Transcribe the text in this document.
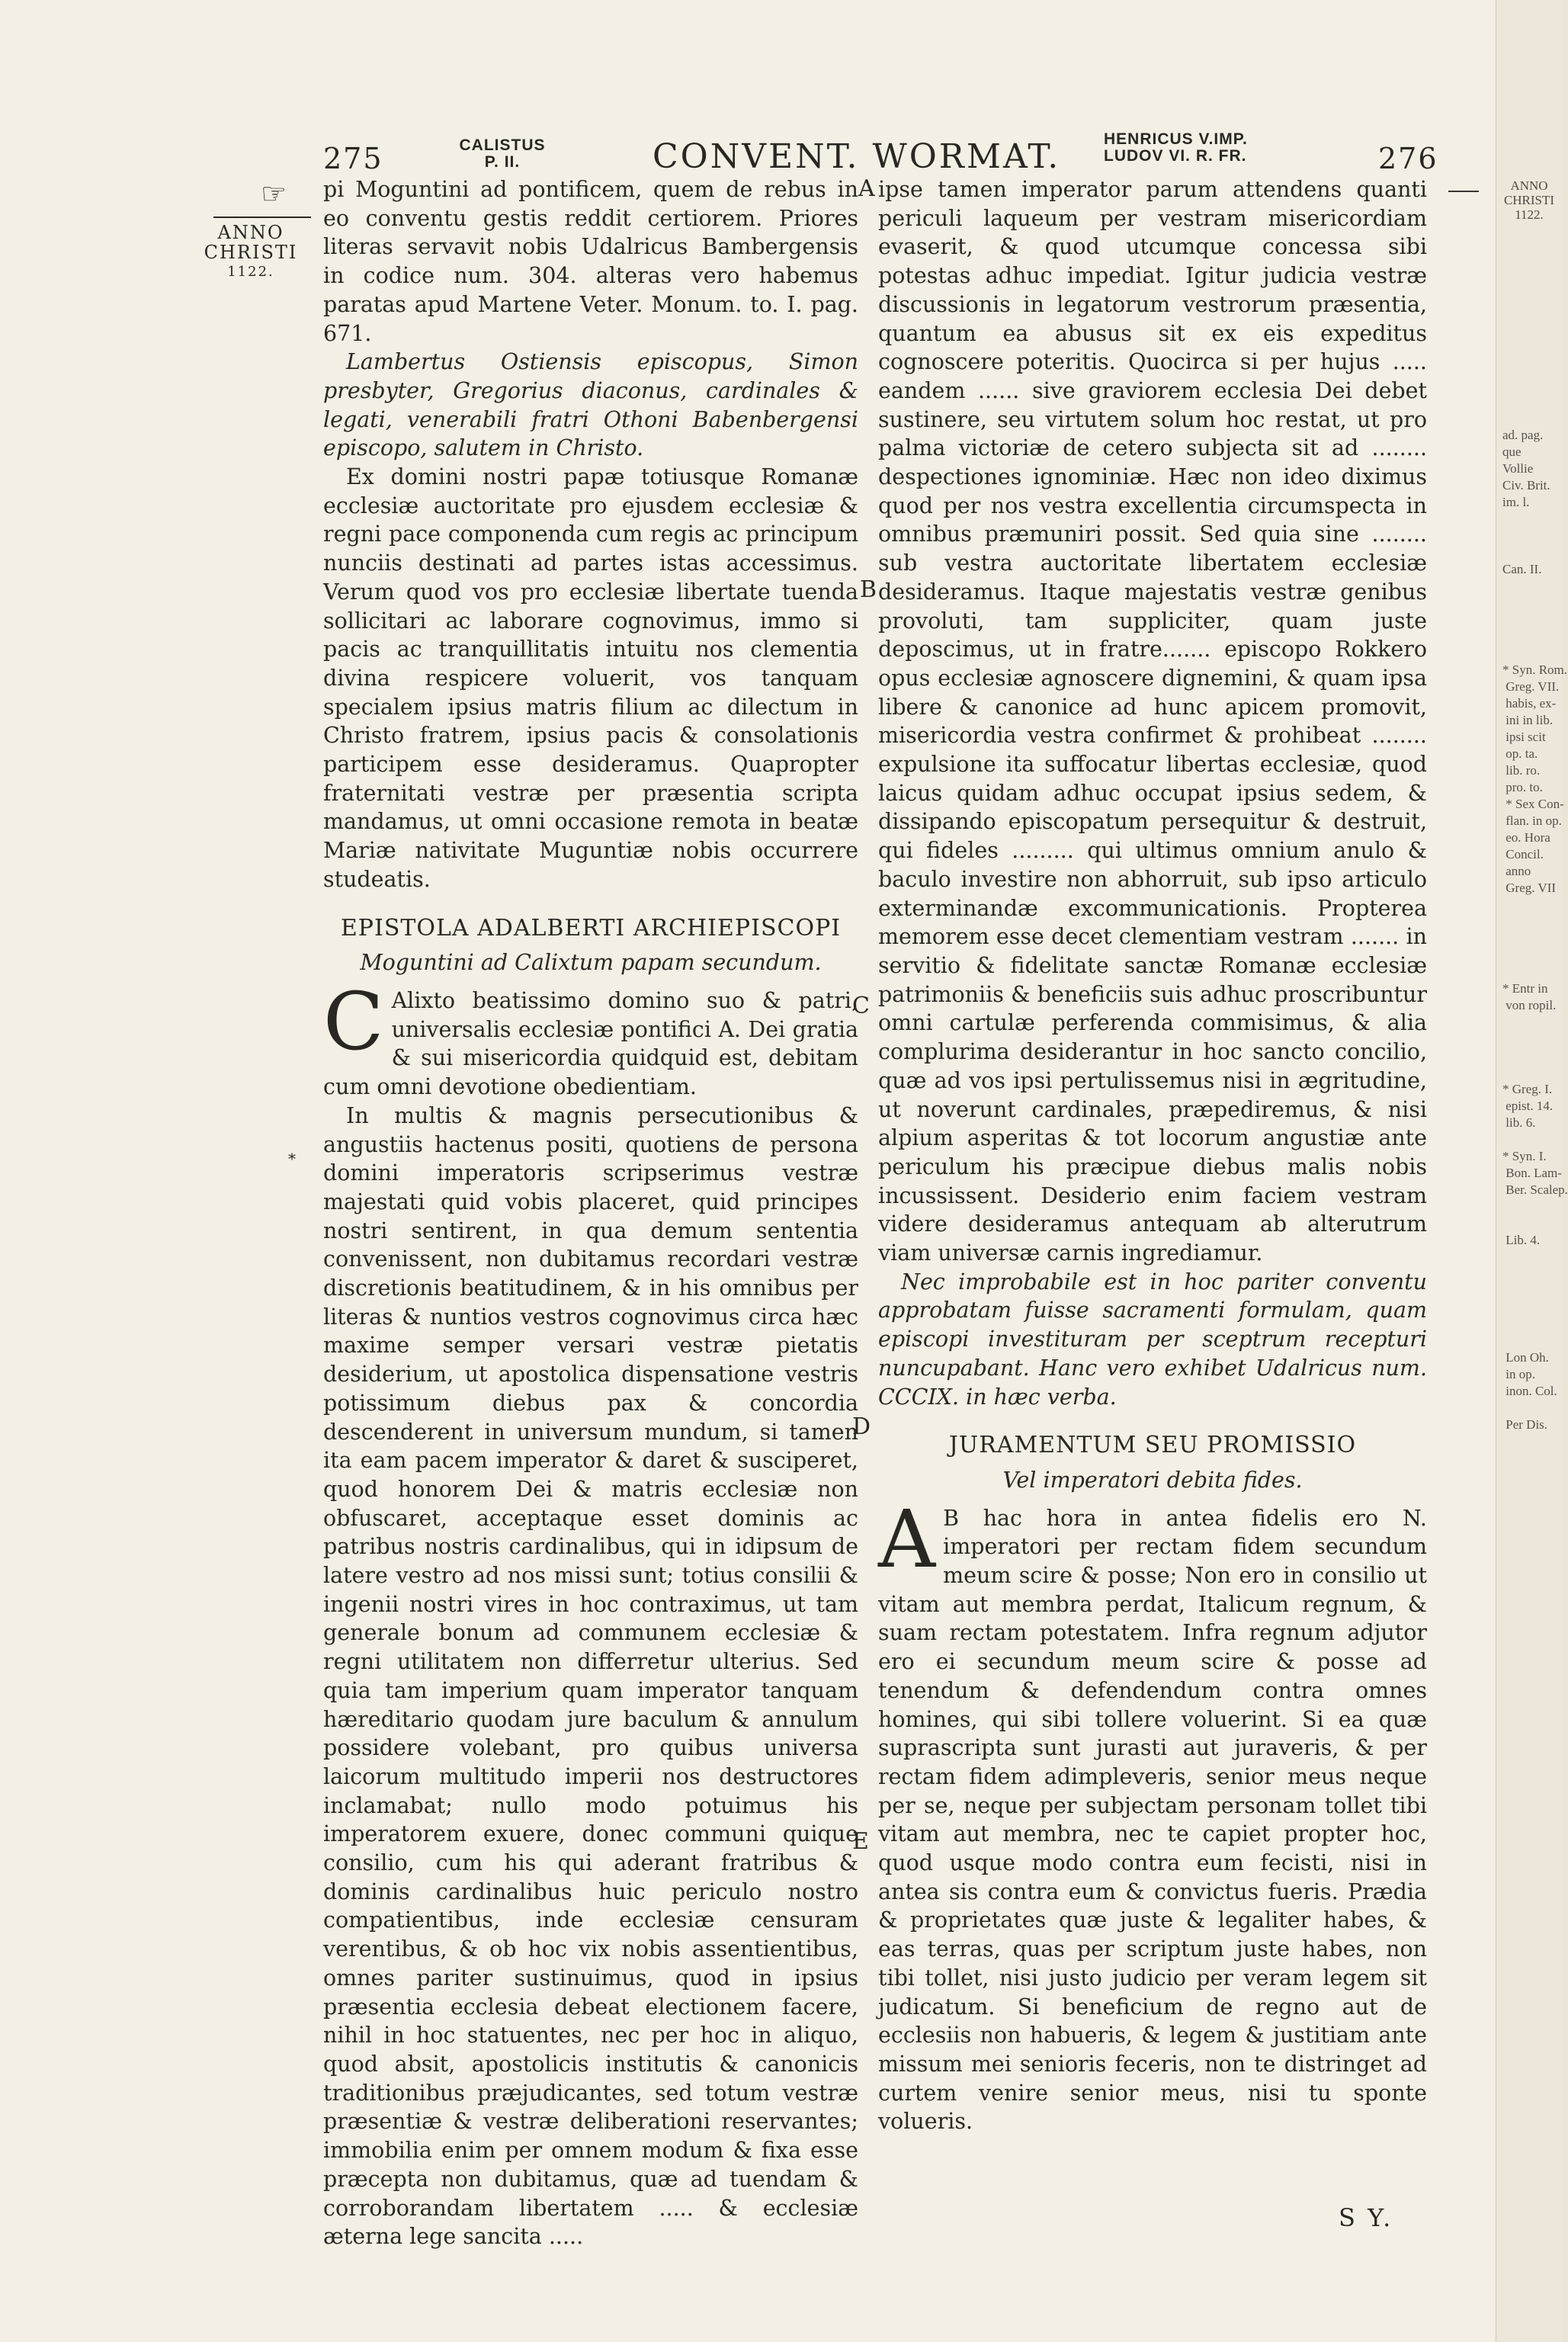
275	CALISTUS
P. II.	CONVENT. WORMAT.	HENRICUS V.IMP.
LUDOV VI. R. FR.	276
☞
ANNO
CHRISTI
1122.
A
B
C
D
E
*

pi Moguntini ad pontificem, quem de rebus in eo conventu gestis reddit certiorem. Priores literas servavit nobis Udalricus Bambergensis in codice num. 304. alteras vero habemus paratas apud Martene Veter. Monum. to. I. pag. 671.

Lambertus Ostiensis episcopus, Simon presbyter, Gregorius diaconus, cardinales & legati, venerabili fratri Othoni Babenbergensi episcopo, salutem in Christo.

Ex domini nostri papæ totiusque Romanæ ecclesiæ auctoritate pro ejusdem ecclesiæ & regni pace componenda cum regis ac principum nunciis destinati ad partes istas accessimus. Verum quod vos pro ecclesiæ libertate tuenda sollicitari ac laborare cognovimus, immo si pacis ac tranquillitatis intuitu nos clementia divina respicere voluerit, vos tanquam specialem ipsius matris filium ac dilectum in Christo fratrem, ipsius pacis & consolationis participem esse desideramus. Quapropter fraternitati vestræ per præsentia scripta mandamus, ut omni occasione remota in beatæ Mariæ nativitate Muguntiæ nobis occurrere studeatis.

EPISTOLA ADALBERTI ARCHIEPISCOPI

Moguntini ad Calixtum papam secundum.

C Alixto beatissimo domino suo & patri, universalis ecclesiæ pontifici A. Dei gratia & sui misericordia quidquid est, debitam cum omni devotione obedientiam.

In multis & magnis persecutionibus & angustiis hactenus positi, quotiens de persona domini imperatoris scripserimus vestræ majestati quid vobis placeret, quid principes nostri sentirent, in qua demum sententia convenissent, non dubitamus recordari vestræ discretionis beatitudinem, & in his omnibus per literas & nuntios vestros cognovimus circa hæc maxime semper versari vestræ pietatis desiderium, ut apostolica dispensatione vestris potissimum diebus pax & concordia descenderent in universum mundum, si tamen ita eam pacem imperator & daret & susciperet, quod honorem Dei & matris ecclesiæ non obfuscaret, acceptaque esset dominis ac patribus nostris cardinalibus, qui in idipsum de latere vestro ad nos missi sunt; totius consilii & ingenii nostri vires in hoc contraximus, ut tam generale bonum ad communem ecclesiæ & regni utilitatem non differretur ulterius. Sed quia tam imperium quam imperator tanquam hæreditario quodam jure baculum & annulum possidere volebant, pro quibus universa laicorum multitudo imperii nos destructores inclamabat; nullo modo potuimus his imperatorem exuere, donec communi quique consilio, cum his qui aderant fratribus & dominis cardinalibus huic periculo nostro compatientibus, inde ecclesiæ censuram verentibus, & ob hoc vix nobis assentientibus, omnes pariter sustinuimus, quod in ipsius præsentia ecclesia debeat electionem facere, nihil in hoc statuentes, nec per hoc in aliquo, quod absit, apostolicis institutis & canonicis traditionibus præjudicantes, sed totum vestræ præsentiæ & vestræ deliberationi reservantes; immobilia enim per omnem modum & fixa esse præcepta non dubitamus, quæ ad tuendam & corroborandam libertatem ..... & ecclesiæ æterna lege sancita .....

ipse tamen imperator parum attendens quanti periculi laqueum per vestram misericordiam evaserit, & quod utcumque concessa sibi potestas adhuc impediat. Igitur judicia vestræ discussionis in legatorum vestrorum præsentia, quantum ea abusus sit ex eis expeditus cognoscere poteritis. Quocirca si per hujus ..... eandem ...... sive graviorem ecclesia Dei debet sustinere, seu virtutem solum hoc restat, ut pro palma victoriæ de cetero subjecta sit ad ........ despectiones ignominiæ. Hæc non ideo diximus quod per nos vestra excellentia circumspecta in omnibus præmuniri possit. Sed quia sine ........ sub vestra auctoritate libertatem ecclesiæ desideramus. Itaque majestatis vestræ genibus provoluti, tam suppliciter, quam juste deposcimus, ut in fratre....... episcopo Rokkero opus ecclesiæ agnoscere dignemini, & quam ipsa libere & canonice ad hunc apicem promovit, misericordia vestra confirmet & prohibeat ........ expulsione ita suffocatur libertas ecclesiæ, quod laicus quidam adhuc occupat ipsius sedem, & dissipando episcopatum persequitur & destruit, qui fideles ......... qui ultimus omnium anulo & baculo investire non abhorruit, sub ipso articulo exterminandæ excommunicationis. Propterea memorem esse decet clementiam vestram ....... in servitio & fidelitate sanctæ Romanæ ecclesiæ patrimoniis & beneficiis suis adhuc proscribuntur omni cartulæ perferenda commisimus, & alia complurima desiderantur in hoc sancto concilio, quæ ad vos ipsi pertulissemus nisi in ægritudine, ut noverunt cardinales, præpediremus, & nisi alpium asperitas & tot locorum angustiæ ante periculum his præcipue diebus malis nobis incussissent. Desiderio enim faciem vestram videre desideramus antequam ab alterutrum viam universæ carnis ingrediamur.

Nec improbabile est in hoc pariter conventu approbatam fuisse sacramenti formulam, quam episcopi investituram per sceptrum recepturi nuncupabant. Hanc vero exhibet Udalricus num. CCCIX. in hæc verba.

JURAMENTUM SEU PROMISSIO

Vel imperatori debita fides.

A B hac hora in antea fidelis ero N. imperatori per rectam fidem secundum meum scire & posse; Non ero in consilio ut vitam aut membra perdat, Italicum regnum, & suam rectam potestatem. Infra regnum adjutor ero ei secundum meum scire & posse ad tenendum & defendendum contra omnes homines, qui sibi tollere voluerint. Si ea quæ suprascripta sunt jurasti aut juraveris, & per rectam fidem adimpleveris, senior meus neque per se, neque per subjectam personam tollet tibi vitam aut membra, nec te capiet propter hoc, quod usque modo contra eum fecisti, nisi in antea sis contra eum & convictus fueris. Prædia & proprietates quæ juste & legaliter habes, & eas terras, quas per scriptum juste habes, non tibi tollet, nisi justo judicio per veram legem sit judicatum. Si beneficium de regno aut de ecclesiis non habueris, & legem & justitiam ante missum mei senioris feceris, non te distringet ad curtem venire senior meus, nisi tu sponte volueris.

S Y.
ANNO
CHRISTI
1122.
ad. pag.
que
Vollie
Civ. Brit.
im. l.

Can. II.

* Syn. Rom.
Greg. VII.
habis, ex-
ini in lib.
ipsi scit
op. ta.
lib. ro.
pro. to.
* Sex Con-
flan. in op.
eo. Hora
Concil.
anno
Greg. VII

* Entr in
von ropil.

* Greg. I.
epist. 14.
lib. 6.

* Syn. I.
Bon. Lam-
Ber. Scalep.

Lib. 4.

Lon Oh.
in op.
inon. Col.

Per Dis.
